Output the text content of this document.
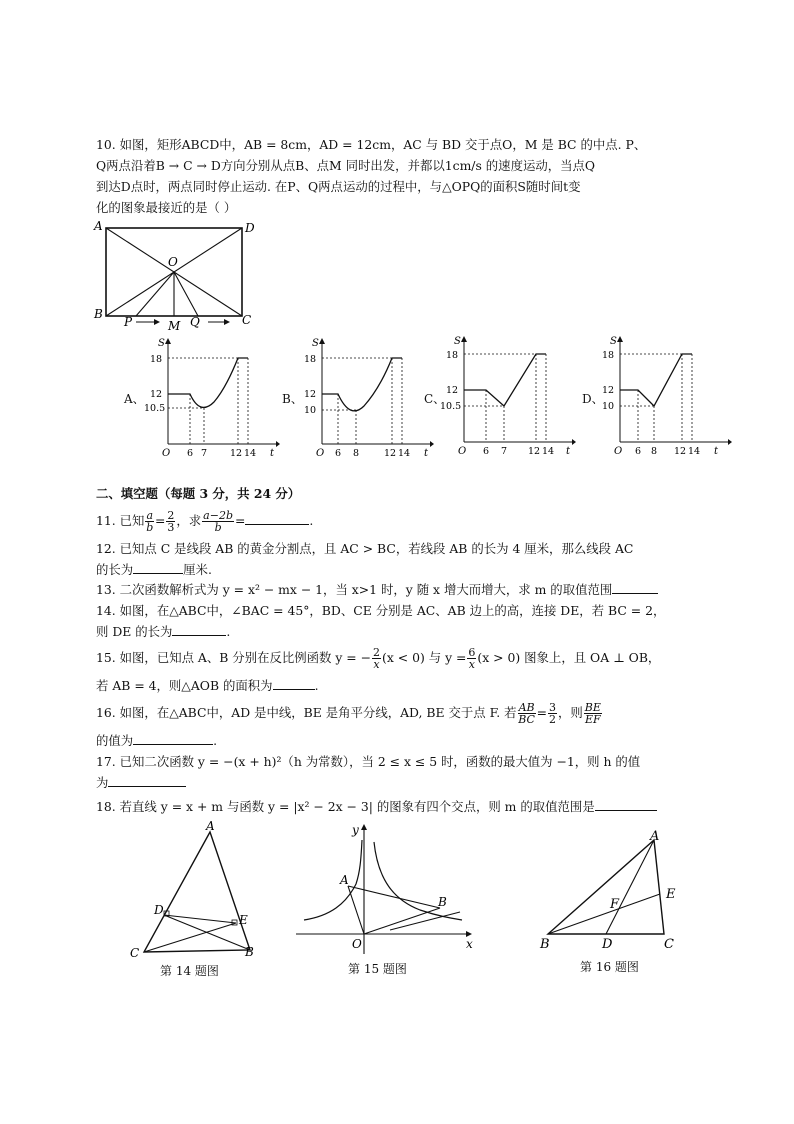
10. 如图，矩形ABCD中，AB = 8cm，AD = 12cm，AC 与 BD 交于点O，M 是 BC 的中点. P、
Q两点沿着B → C → D方向分别从点B、点M 同时出发，并都以1cm/s 的速度运动，当点Q
到达D点时，两点同时停止运动. 在P、Q两点运动的过程中，与△OPQ的面积S随时间t变
化的图象最接近的是（ ）
A	D
B	C
O
P	M Q
A、
S
18
12
10.5
O 6 7 12 14 t
B、
S
18
12
10
O 6 8	12 14 t
C、
S
18
12
10.5
O 6 7 12 14 t
D、
S
18
12
10
O 6 8 12 14 t
二、填空题（每题 3 分，共 24 分）
11. 已知 $\frac{a}{b} = \frac{2}{3}$ ，求 $\frac{a-2b}{b}$ =	.
12. 已知点 C 是线段 AB 的黄金分割点，且 AC > BC，若线段 AB 的长为 4 厘米，那么线段 AC
的长为	厘米.
13. 二次函数解析式为 y = x² − mx − 1，当 x>1 时，y 随 x 增大而增大，求 m 的取值范围
14. 如图，在△ABC中，∠BAC = 45°，BD、CE 分别是 AC、AB 边上的高，连接 DE，若 BC = 2，
则 DE 的长为	.
15. 如图，已知点 A、B 分别在反比例函数 y = − $\frac{2}{x} (x < 0)$ 与 $y = \frac{6}{x} (x > 0)$ 图象上，且 OA ⊥ OB，
若 AB = 4，则△AOB 的面积为	.
16. 如图，在△ABC中，AD 是中线，BE 是角平分线，AD, BE 交于点 F. 若 $\frac{AB}{BC} = \frac{3}{2}$ ，则 $\frac{BE}{EF}$
的值为	.
17. 已知二次函数 y = −(x + h)²（h 为常数），当 2 ≤ x ≤ 5 时，函数的最大值为 −1，则 h 的值
为
18. 若直线 y = x + m 与函数 y = |x² − 2x − 3| 的图象有四个交点，则 m 的取值范围是
A
D
E
C	B
第 14 题图
A
B
O	x
y
第 15 题图
A
E
F
B	D	C
第 16 题图
